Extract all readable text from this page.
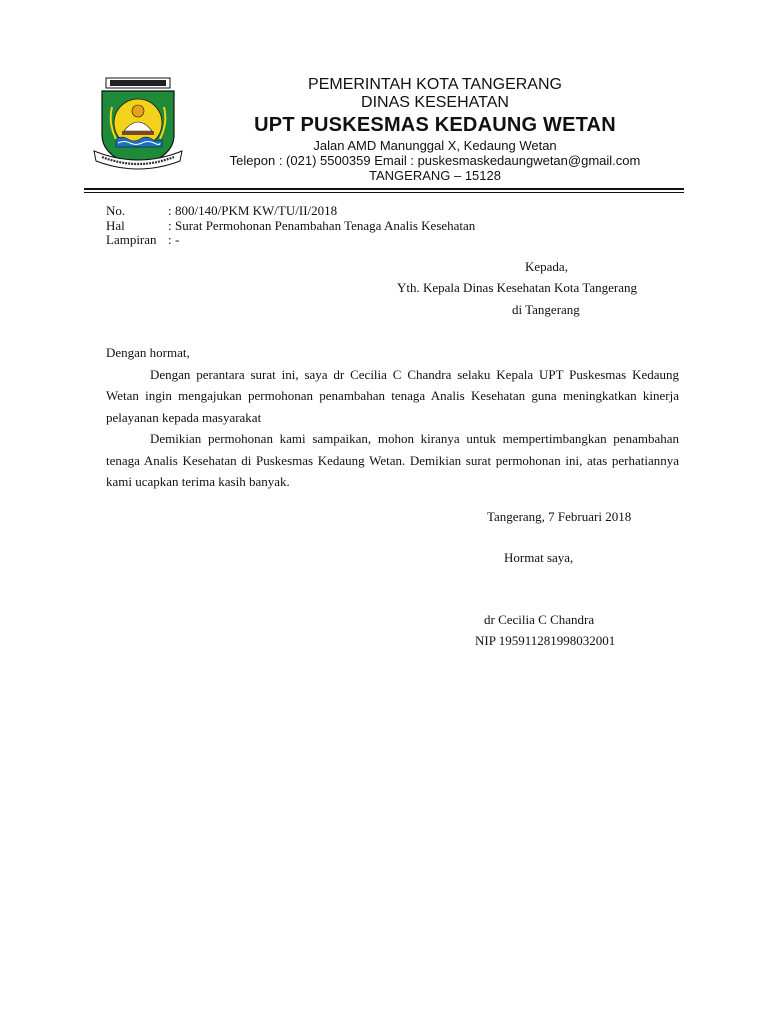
PEMERINTAH KOTA TANGERANG
DINAS KESEHATAN
UPT PUSKESMAS KEDAUNG WETAN
Jalan AMD Manunggal X, Kedaung Wetan
Telepon : (021) 5500359 Email : puskesmaskedaungwetan@gmail.com
TANGERANG – 15128
No.	: 800/140/PKM KW/TU/II/2018
Hal	: Surat Permohonan Penambahan Tenaga Analis Kesehatan
Lampiran : -
Kepada,
Yth. Kepala Dinas Kesehatan Kota Tangerang
di Tangerang

Dengan hormat,

Dengan perantara surat ini, saya dr Cecilia C Chandra selaku Kepala UPT Puskesmas Kedaung Wetan ingin mengajukan permohonan penambahan tenaga Analis Kesehatan guna meningkatkan kinerja pelayanan kepada masyarakat

Demikian permohonan kami sampaikan, mohon kiranya untuk mempertimbangkan penambahan tenaga Analis Kesehatan di Puskesmas Kedaung Wetan. Demikian surat permohonan ini, atas perhatiannya kami ucapkan terima kasih banyak.

Tangerang, 7 Februari 2018
Hormat saya,
dr Cecilia C Chandra
NIP 195911281998032001
